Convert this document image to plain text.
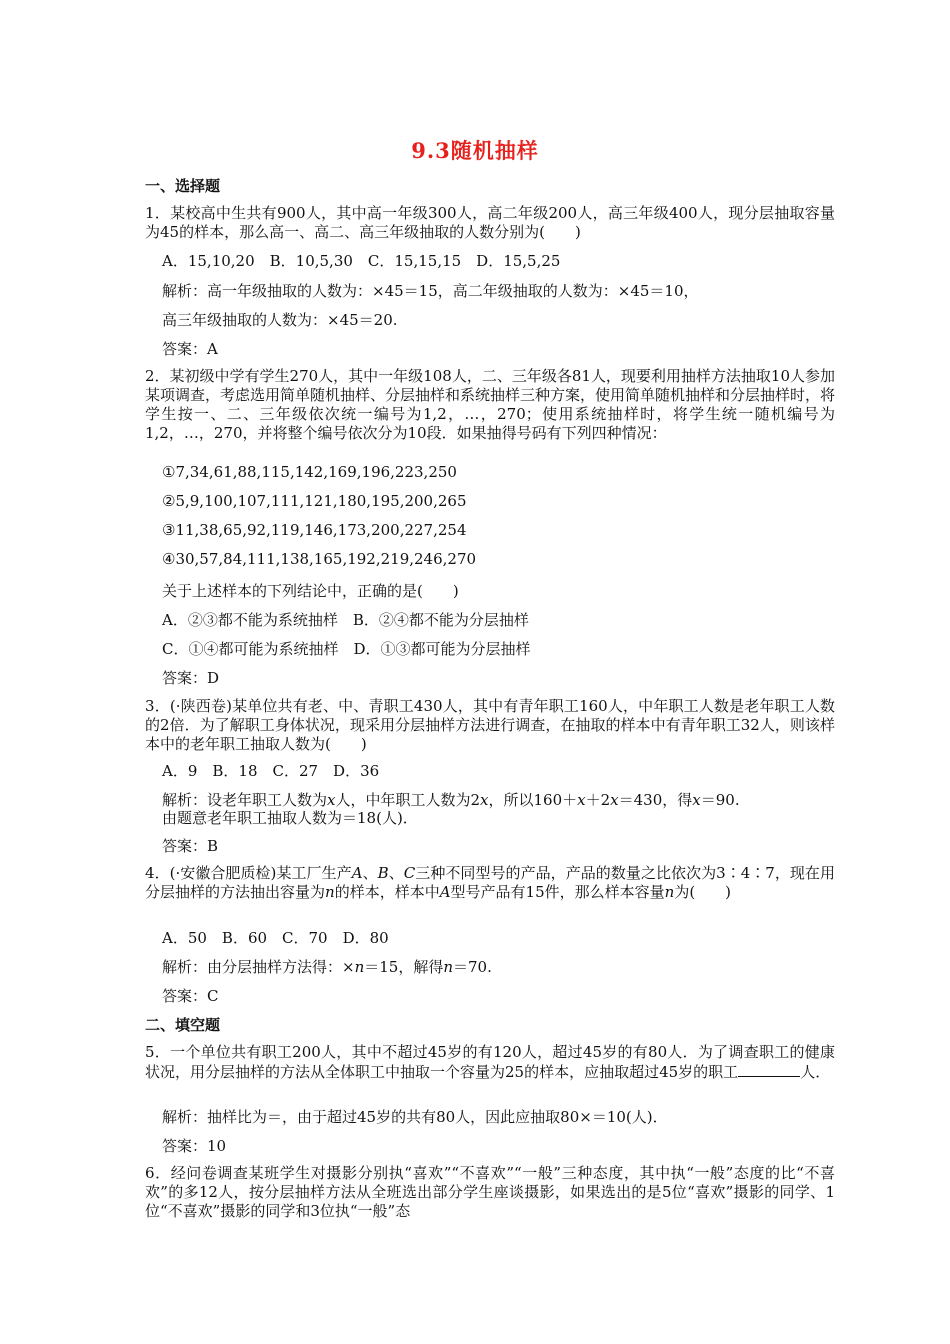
9.3随机抽样
一、选择题
1．某校高中生共有900人，其中高一年级300人，高二年级200人，高三年级400人，现分层抽取容量为45的样本，那么高一、高二、高三年级抽取的人数分别为(　　)
A．15,10,20　B．10,5,30　C．15,15,15　D．15,5,25
解析：高一年级抽取的人数为：×45＝15，高二年级抽取的人数为：×45＝10，
高三年级抽取的人数为：×45＝20.
答案：A
2．某初级中学有学生270人，其中一年级108人，二、三年级各81人，现要利用抽样方法抽取10人参加某项调查，考虑选用简单随机抽样、分层抽样和系统抽样三种方案，使用简单随机抽样和分层抽样时，将学生按一、二、三年级依次统一编号为1,2，…，270；使用系统抽样时，将学生统一随机编号为1,2，…，270，并将整个编号依次分为10段．如果抽得号码有下列四种情况：
①7,34,61,88,115,142,169,196,223,250
②5,9,100,107,111,121,180,195,200,265
③11,38,65,92,119,146,173,200,227,254
④30,57,84,111,138,165,192,219,246,270
关于上述样本的下列结论中，正确的是(　　)
A．②③都不能为系统抽样　B．②④都不能为分层抽样
C．①④都可能为系统抽样　D．①③都可能为分层抽样
答案：D
3．(·陕西卷)某单位共有老、中、青职工430人，其中有青年职工160人，中年职工人数是老年职工人数的2倍．为了解职工身体状况，现采用分层抽样方法进行调查，在抽取的样本中有青年职工32人，则该样本中的老年职工抽取人数为(　　)
A．9　B．18　C．27　D．36
解析：设老年职工人数为x人，中年职工人数为2x，所以160＋x＋2x＝430，得x＝90.
由题意老年职工抽取人数为＝18(人)．
答案：B
4．(·安徽合肥质检)某工厂生产A、B、C三种不同型号的产品，产品的数量之比依次为3∶4∶7，现在用分层抽样的方法抽出容量为n的样本，样本中A型号产品有15件，那么样本容量n为(　　)
A．50　B．60　C．70　D．80
解析：由分层抽样方法得：×n＝15，解得n＝70.
答案：C
二、填空题
5．一个单位共有职工200人，其中不超过45岁的有120人，超过45岁的有80人．为了调查职工的健康状况，用分层抽样的方法从全体职工中抽取一个容量为25的样本，应抽取超过45岁的职工	人．
解析：抽样比为＝，由于超过45岁的共有80人，因此应抽取80×＝10(人)．
答案：10
6．经问卷调查某班学生对摄影分别执“喜欢”“不喜欢”“一般”三种态度，其中执“一般”态度的比“不喜欢”的多12人，按分层抽样方法从全班选出部分学生座谈摄影，如果选出的是5位“喜欢”摄影的同学、1位“不喜欢”摄影的同学和3位执“一般”态
